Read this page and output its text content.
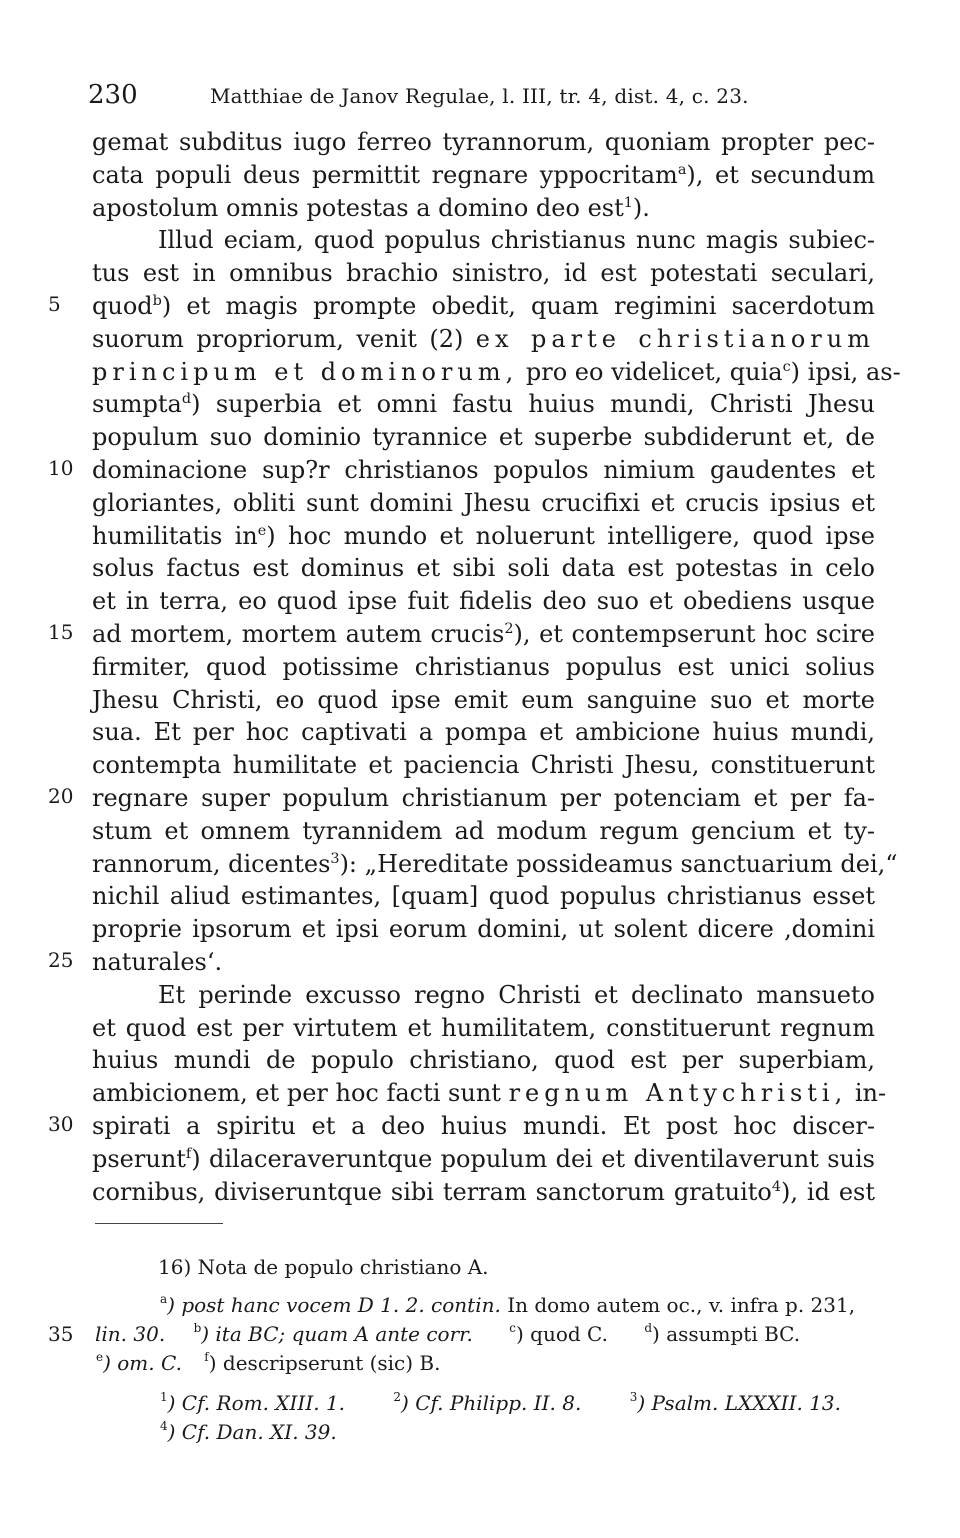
230	Matthiae de Janov Regulae, l. III, tr. 4, dist. 4, c. 23.
5
10
15
20
25
30
gemat subditus iugo ferreo tyrannorum, quoniam propter pec-
cata populi deus permittit regnare yppocritam$^a$), et secundum
apostolum omnis potestas a domino deo est$^1$).
Illud eciam, quod populus christianus nunc magis subiec-
tus est in omnibus brachio sinistro, id est potestati seculari,
quod$^b$) et magis prompte obedit, quam regimini sacerdotum
suorum propriorum, venit (2) ex parte christianorum
principum et dominorum, pro eo videlicet, quia$^c$) ipsi, as-
sumpta$^d$) superbia et omni fastu huius mundi, Christi Jhesu
populum suo dominio tyrannice et superbe subdiderunt et, de
dominacione sup?r christianos populos nimium gaudentes et
gloriantes, obliti sunt domini Jhesu crucifixi et crucis ipsius et
humilitatis $in^e$) hoc mundo et noluerunt intelligere, quod ipse
solus factus est dominus et sibi soli data est potestas in celo
et in terra, eo quod ipse fuit fidelis deo suo et obediens usque
ad mortem, mortem autem crucis$^2$), et contempserunt hoc scire
firmiter, quod potissime christianus populus est unici solius
Jhesu Christi, eo quod ipse emit eum sanguine suo et morte
sua. Et per hoc captivati a pompa et ambicione huius mundi,
contempta humilitate et paciencia Christi Jhesu, constituerunt
regnare super populum christianum per potenciam et per fa-
stum et omnem tyrannidem ad modum regum gencium et ty-
rannorum, dicentes$^3$): „Hereditate possideamus sanctuarium dei,“
nichil aliud estimantes, [quam] quod populus christianus esset
proprie ipsorum et ipsi eorum domini, ut solent dicere ‚domini
naturales‘.
Et perinde excusso regno Christi et declinato mansueto
et quod est per virtutem et humilitatem, constituerunt regnum
huius mundi de populo christiano, quod est per superbiam,
ambicionem, et per hoc facti sunt regnum Antychristi, in-
spirati a spiritu et a deo huius mundi. Et post hoc discer-
pserunt$^f$) dilaceraveruntque populum dei et diventilaverunt suis
cornibus, diviseruntque sibi terram sanctorum gratuito$^4$), id est
16) Nota de populo christiano A.
$^a$) post hanc vocem D 1. 2. contin. In domo autem oc., v. infra p. 231,
35 lin. 30. $^b$) ita BC; quam A ante corr.	$^c$) quod C.	$^d$) assumpti BC.
$^e$) om. C. $^f$) descripserunt (sic) B.
$^1$) Cf. Rom. XIII. 1.	$^2$) Cf. Philipp. II. 8.	$^3$) Psalm. LXXXII. 13.
$^4$) Cf. Dan. XI. 39.
